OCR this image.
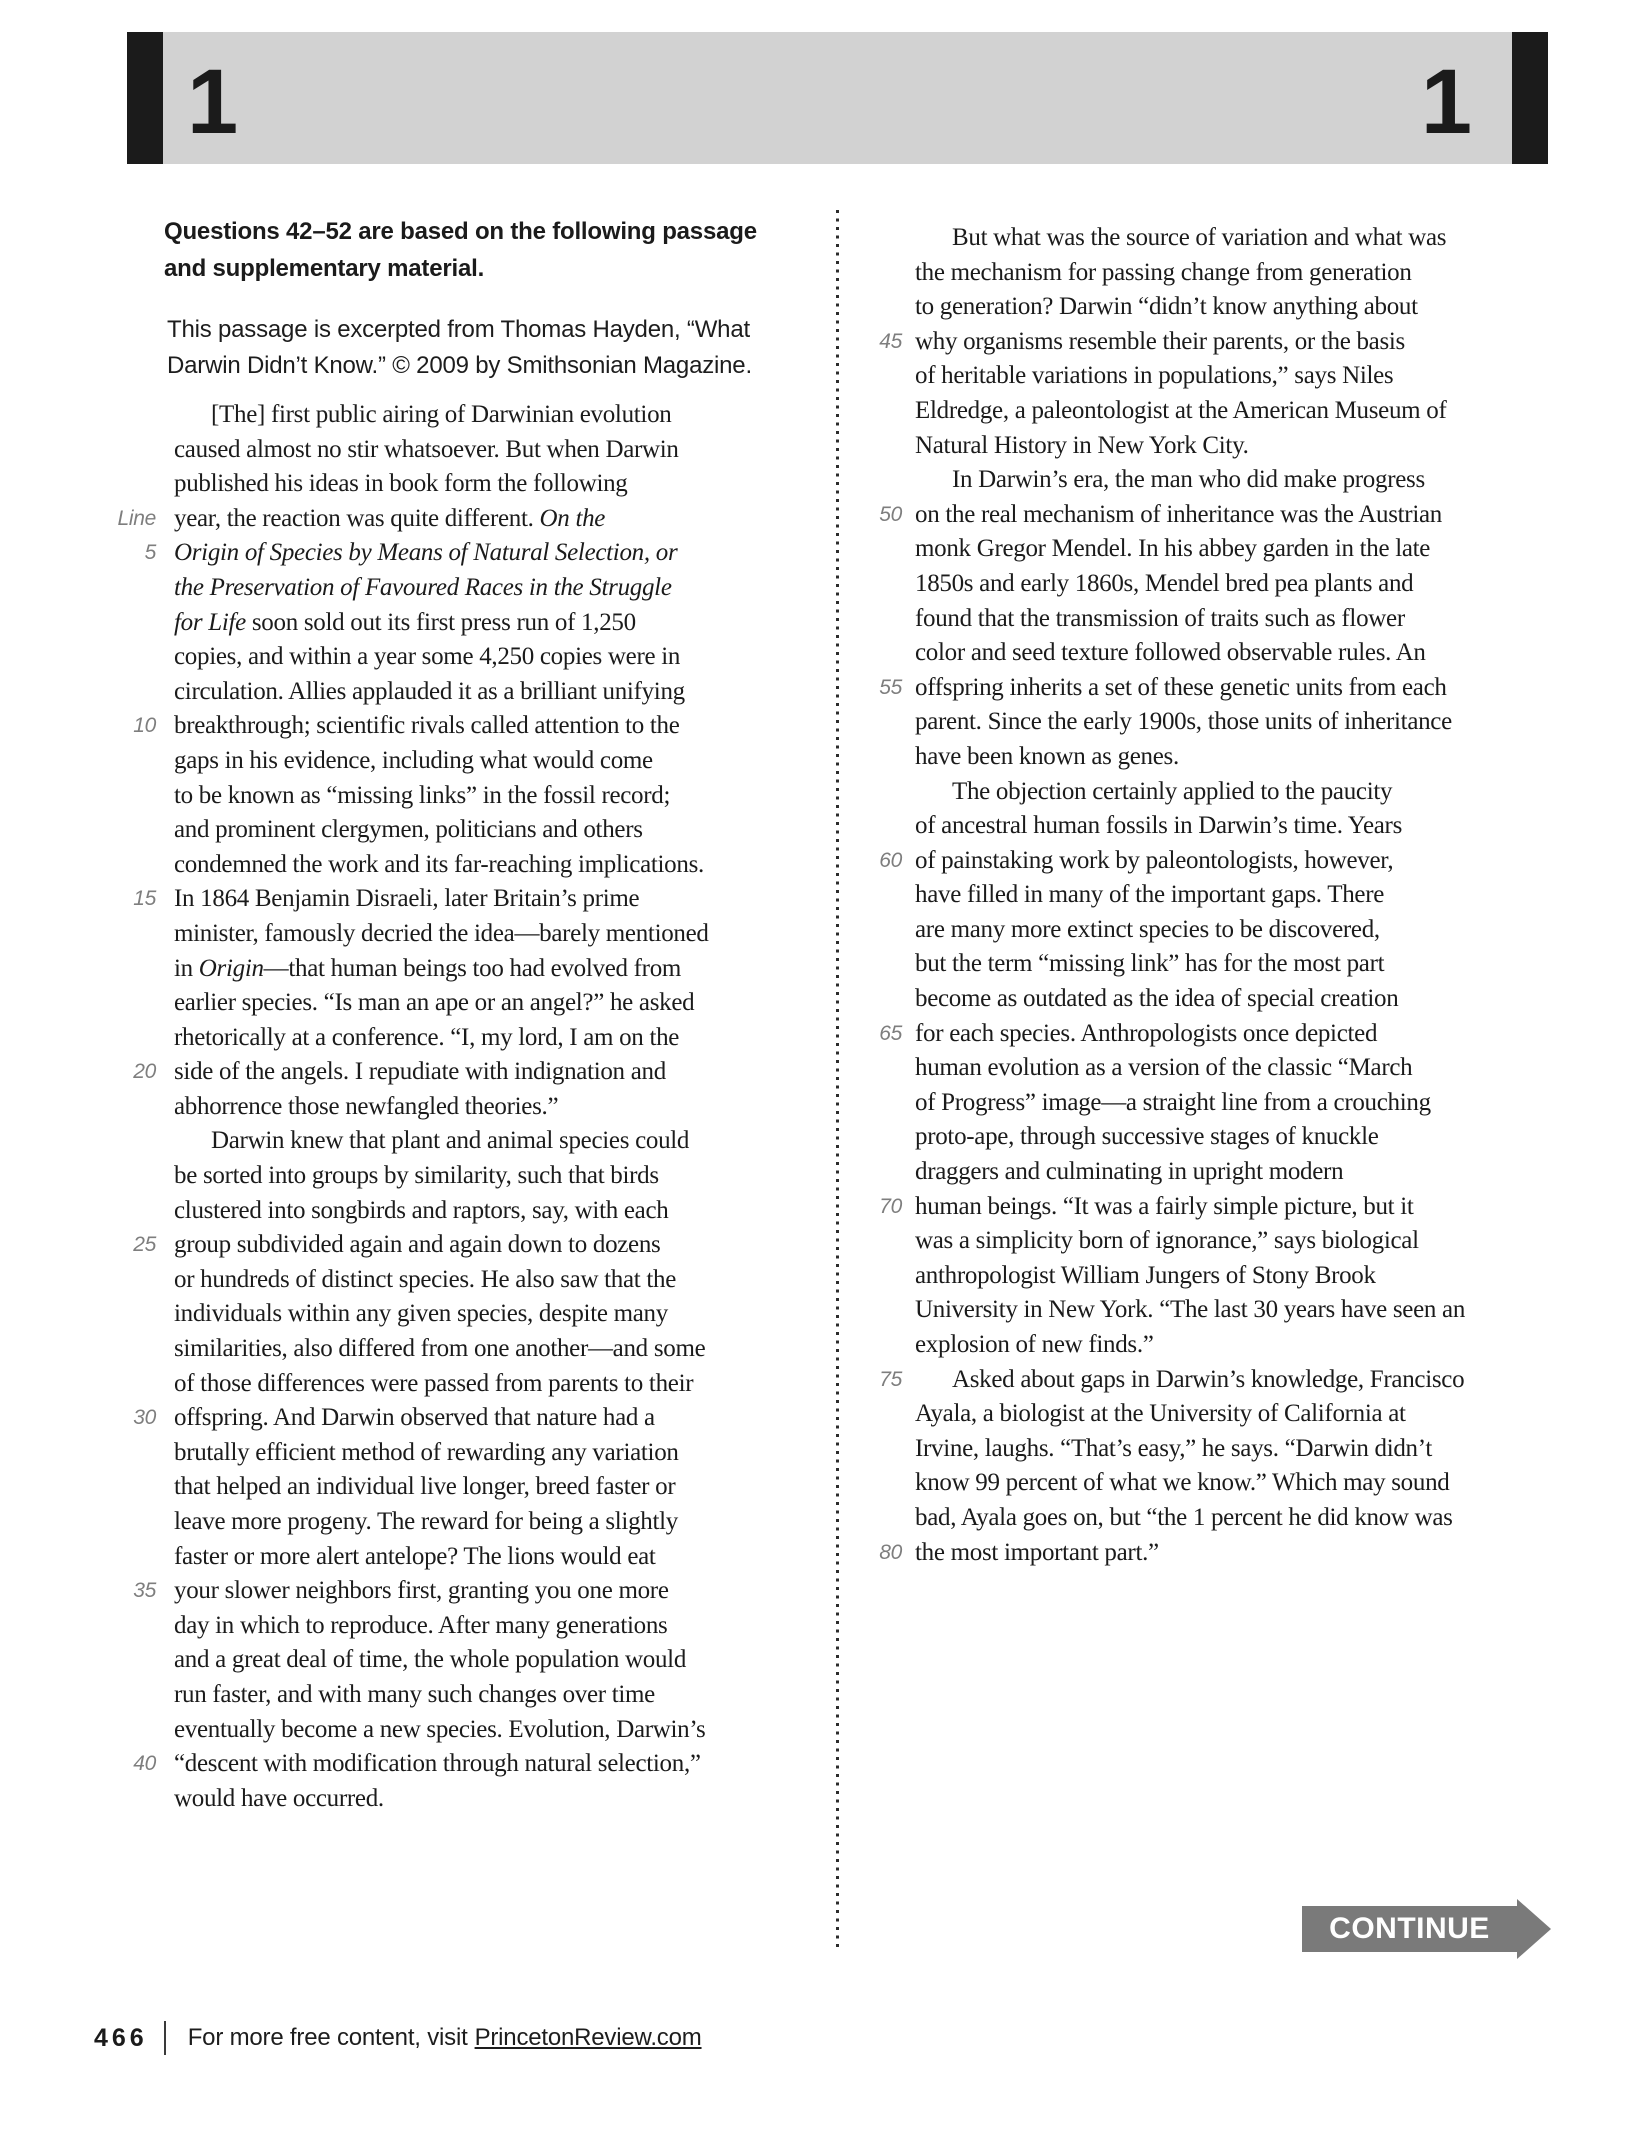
1	1
Questions 42–52 are based on the following passage
and supplementary material.
This passage is excerpted from Thomas Hayden, “What
Darwin Didn’t Know.” © 2009 by Smithsonian Magazine.
[The] first public airing of Darwinian evolution
caused almost no stir whatsoever. But when Darwin
published his ideas in book form the following
Line year, the reaction was quite different. On the
5 Origin of Species by Means of Natural Selection, or
the Preservation of Favoured Races in the Struggle
for Life soon sold out its first press run of 1,250
copies, and within a year some 4,250 copies were in
circulation. Allies applauded it as a brilliant unifying
10 breakthrough; scientific rivals called attention to the
gaps in his evidence, including what would come
to be known as “missing links” in the fossil record;
and prominent clergymen, politicians and others
condemned the work and its far-reaching implications.
15 In 1864 Benjamin Disraeli, later Britain’s prime
minister, famously decried the idea—barely mentioned
in Origin—that human beings too had evolved from
earlier species. “Is man an ape or an angel?” he asked
rhetorically at a conference. “I, my lord, I am on the
20 side of the angels. I repudiate with indignation and
abhorrence those newfangled theories.”
Darwin knew that plant and animal species could
be sorted into groups by similarity, such that birds
clustered into songbirds and raptors, say, with each
25 group subdivided again and again down to dozens
or hundreds of distinct species. He also saw that the
individuals within any given species, despite many
similarities, also differed from one another—and some
of those differences were passed from parents to their
30 offspring. And Darwin observed that nature had a
brutally efficient method of rewarding any variation
that helped an individual live longer, breed faster or
leave more progeny. The reward for being a slightly
faster or more alert antelope? The lions would eat
35 your slower neighbors first, granting you one more
day in which to reproduce. After many generations
and a great deal of time, the whole population would
run faster, and with many such changes over time
eventually become a new species. Evolution, Darwin’s
40 “descent with modification through natural selection,”
would have occurred.
But what was the source of variation and what was
the mechanism for passing change from generation
to generation? Darwin “didn’t know anything about
45 why organisms resemble their parents, or the basis
of heritable variations in populations,” says Niles
Eldredge, a paleontologist at the American Museum of
Natural History in New York City.
In Darwin’s era, the man who did make progress
50 on the real mechanism of inheritance was the Austrian
monk Gregor Mendel. In his abbey garden in the late
1850s and early 1860s, Mendel bred pea plants and
found that the transmission of traits such as flower
color and seed texture followed observable rules. An
55 offspring inherits a set of these genetic units from each
parent. Since the early 1900s, those units of inheritance
have been known as genes.
The objection certainly applied to the paucity
of ancestral human fossils in Darwin’s time. Years
60 of painstaking work by paleontologists, however,
have filled in many of the important gaps. There
are many more extinct species to be discovered,
but the term “missing link” has for the most part
become as outdated as the idea of special creation
65 for each species. Anthropologists once depicted
human evolution as a version of the classic “March
of Progress” image—a straight line from a crouching
proto-ape, through successive stages of knuckle
draggers and culminating in upright modern
70 human beings. “It was a fairly simple picture, but it
was a simplicity born of ignorance,” says biological
anthropologist William Jungers of Stony Brook
University in New York. “The last 30 years have seen an
explosion of new finds.”
75	Asked about gaps in Darwin’s knowledge, Francisco
Ayala, a biologist at the University of California at
Irvine, laughs. “That’s easy,” he says. “Darwin didn’t
know 99 percent of what we know.” Which may sound
bad, Ayala goes on, but “the 1 percent he did know was
80 the most important part.”
CONTINUE
466 For more free content, visit PrincetonReview.com
